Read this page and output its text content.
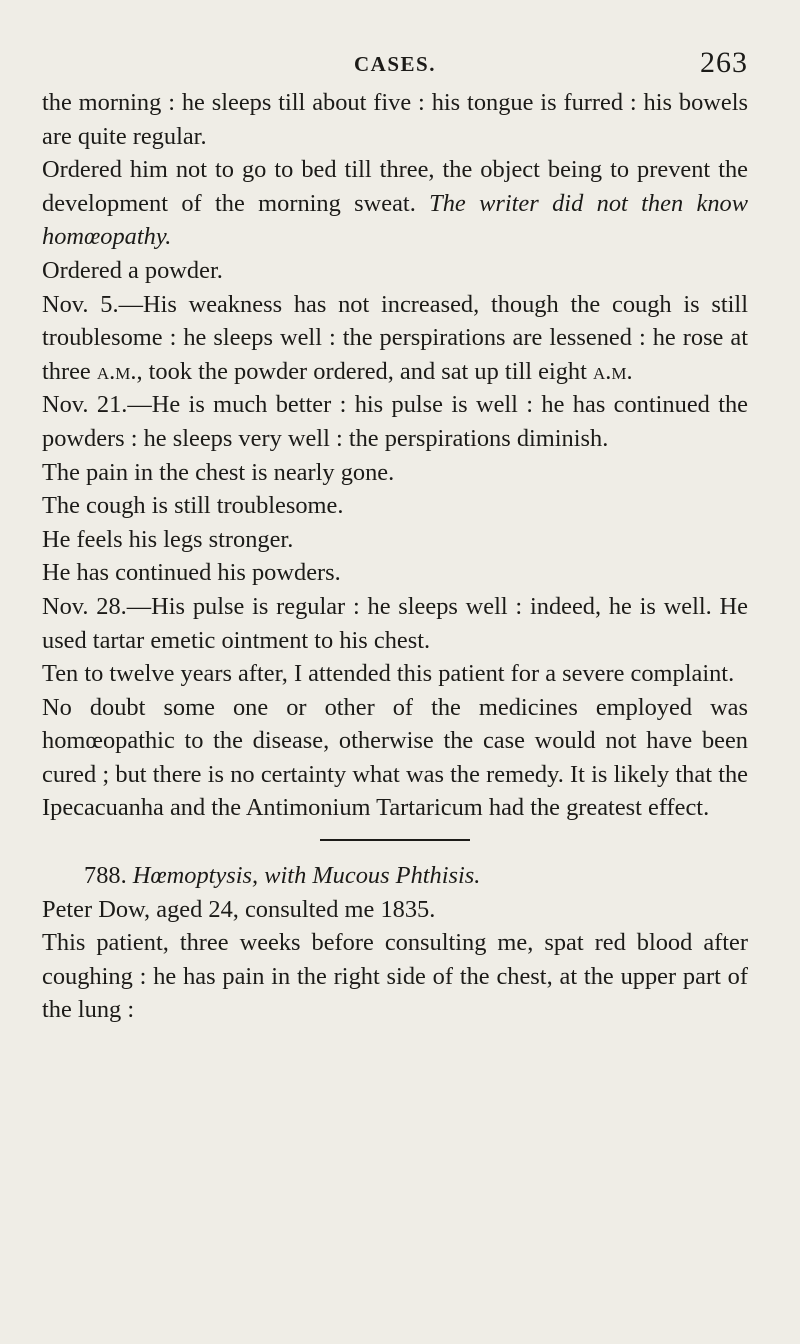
CASES.	263

the morning : he sleeps till about five : his tongue is furred : his bowels are quite regular.

Ordered him not to go to bed till three, the object being to prevent the development of the morning sweat. The writer did not then know homœopathy.

Ordered a powder.

Nov. 5.—His weakness has not increased, though the cough is still troublesome : he sleeps well : the perspirations are lessened : he rose at three a.m., took the powder ordered, and sat up till eight a.m.

Nov. 21.—He is much better : his pulse is well : he has continued the powders : he sleeps very well : the perspirations diminish.

The pain in the chest is nearly gone.

The cough is still troublesome.

He feels his legs stronger.

He has continued his powders.

Nov. 28.—His pulse is regular : he sleeps well : indeed, he is well. He used tartar emetic ointment to his chest.

Ten to twelve years after, I attended this patient for a severe complaint.

No doubt some one or other of the medicines employed was homœopathic to the disease, otherwise the case would not have been cured ; but there is no certainty what was the remedy. It is likely that the Ipecacuanha and the Antimonium Tartaricum had the greatest effect.

788. Hœmoptysis, with Mucous Phthisis.

Peter Dow, aged 24, consulted me 1835.

This patient, three weeks before consulting me, spat red blood after coughing : he has pain in the right side of the chest, at the upper part of the lung :
